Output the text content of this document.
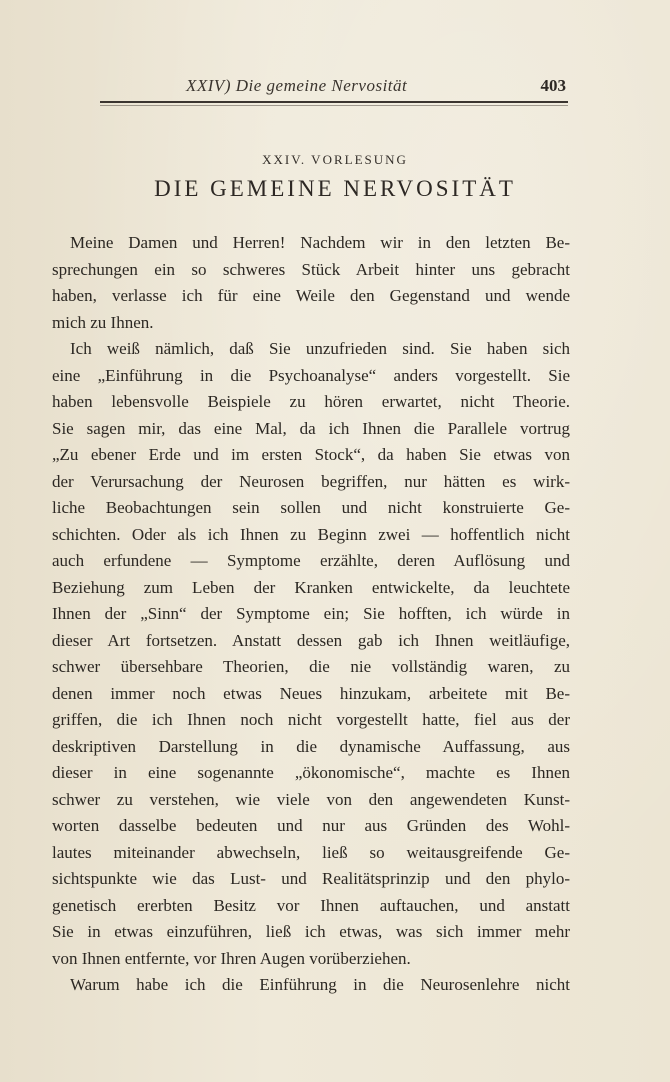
XXIV) Die gemeine Nervosität	403
XXIV. VORLESUNG
DIE GEMEINE NERVOSITÄT
Meine Damen und Herren! Nachdem wir in den letzten Be-
sprechungen ein so schweres Stück Arbeit hinter uns gebracht
haben, verlasse ich für eine Weile den Gegenstand und wende
mich zu Ihnen.
Ich weiß nämlich, daß Sie unzufrieden sind. Sie haben sich
eine „Einführung in die Psychoanalyse“ anders vorgestellt. Sie
haben lebensvolle Beispiele zu hören erwartet, nicht Theorie.
Sie sagen mir, das eine Mal, da ich Ihnen die Parallele vortrug
„Zu ebener Erde und im ersten Stock“, da haben Sie etwas von
der Verursachung der Neurosen begriffen, nur hätten es wirk-
liche Beobachtungen sein sollen und nicht konstruierte Ge-
schichten. Oder als ich Ihnen zu Beginn zwei — hoffentlich nicht
auch erfundene — Symptome erzählte, deren Auflösung und
Beziehung zum Leben der Kranken entwickelte, da leuchtete
Ihnen der „Sinn“ der Symptome ein; Sie hofften, ich würde in
dieser Art fortsetzen. Anstatt dessen gab ich Ihnen weitläufige,
schwer übersehbare Theorien, die nie vollständig waren, zu
denen immer noch etwas Neues hinzukam, arbeitete mit Be-
griffen, die ich Ihnen noch nicht vorgestellt hatte, fiel aus der
deskriptiven Darstellung in die dynamische Auffassung, aus
dieser in eine sogenannte „ökonomische“, machte es Ihnen
schwer zu verstehen, wie viele von den angewendeten Kunst-
worten dasselbe bedeuten und nur aus Gründen des Wohl-
lautes miteinander abwechseln, ließ so weitausgreifende Ge-
sichtspunkte wie das Lust- und Realitätsprinzip und den phylo-
genetisch ererbten Besitz vor Ihnen auftauchen, und anstatt
Sie in etwas einzuführen, ließ ich etwas, was sich immer mehr
von Ihnen entfernte, vor Ihren Augen vorüberziehen.
Warum habe ich die Einführung in die Neurosenlehre nicht
